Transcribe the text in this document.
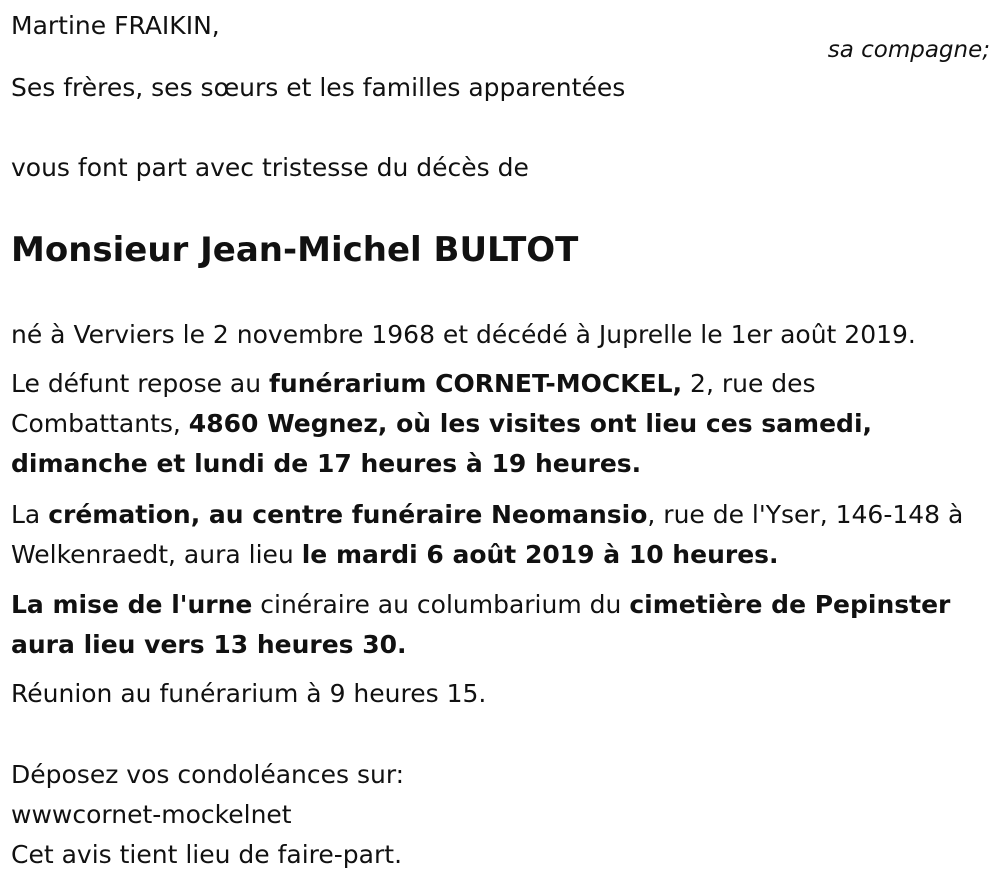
Martine FRAIKIN,
sa compagne;
Ses frères, ses sœurs et les familles apparentées
vous font part avec tristesse du décès de
Monsieur Jean-Michel BULTOT
né à Verviers le 2 novembre 1968 et décédé à Juprelle le 1er août 2019.
Le défunt repose au funérarium CORNET-MOCKEL, 2, rue des
Combattants, 4860 Wegnez, où les visites ont lieu ces samedi,
dimanche et lundi de 17 heures à 19 heures.
La crémation, au centre funéraire Neomansio, rue de l'Yser, 146-148 à
Welkenraedt, aura lieu le mardi 6 août 2019 à 10 heures.
La mise de l'urne cinéraire au columbarium du cimetière de Pepinster
aura lieu vers 13 heures 30.
Réunion au funérarium à 9 heures 15.
Déposez vos condoléances sur:
wwwcornet-mockelnet
Cet avis tient lieu de faire-part.
